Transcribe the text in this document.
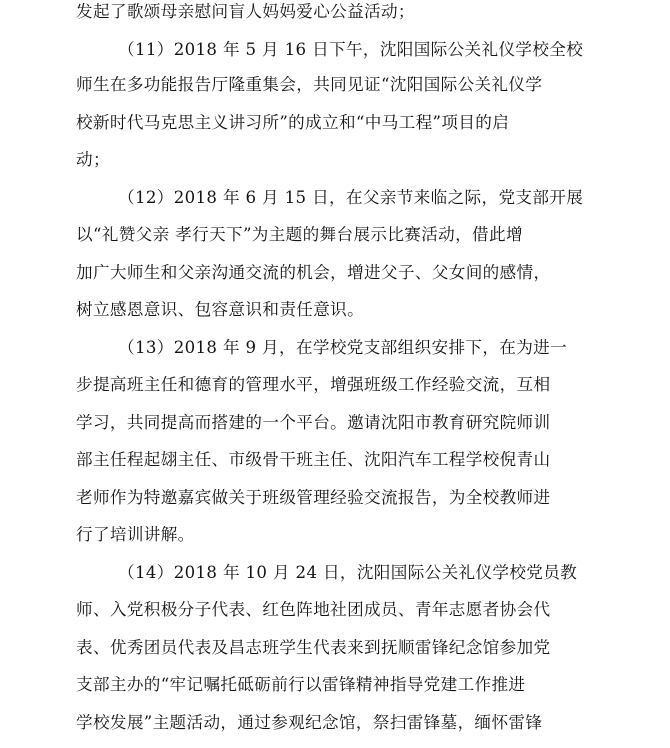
发起了歌颂母亲慰问盲人妈妈爱心公益活动；
（11）2018 年 5 月 16 日下午，沈阳国际公关礼仪学校全校
师生在多功能报告厅隆重集会，共同见证“沈阳国际公关礼仪学
校新时代马克思主义讲习所”的成立和“中马工程”项目的启
动；
（12）2018 年 6 月 15 日，在父亲节来临之际，党支部开展
以“礼赞父亲 孝行天下”为主题的舞台展示比赛活动，借此增
加广大师生和父亲沟通交流的机会，增进父子、父女间的感情，
树立感恩意识、包容意识和责任意识。
（13）2018 年 9 月，在学校党支部组织安排下，在为进一
步提高班主任和德育的管理水平，增强班级工作经验交流，互相
学习，共同提高而搭建的一个平台。邀请沈阳市教育研究院师训
部主任程起翃主任、市级骨干班主任、沈阳汽车工程学校倪青山
老师作为特邀嘉宾做关于班级管理经验交流报告，为全校教师进
行了培训讲解。
（14）2018 年 10 月 24 日，沈阳国际公关礼仪学校党员教
师、入党积极分子代表、红色阵地社团成员、青年志愿者协会代
表、优秀团员代表及昌志班学生代表来到抚顺雷锋纪念馆参加党
支部主办的“牢记嘱托砥砺前行以雷锋精神指导党建工作推进
学校发展”主题活动，通过参观纪念馆，祭扫雷锋墓，缅怀雷锋
